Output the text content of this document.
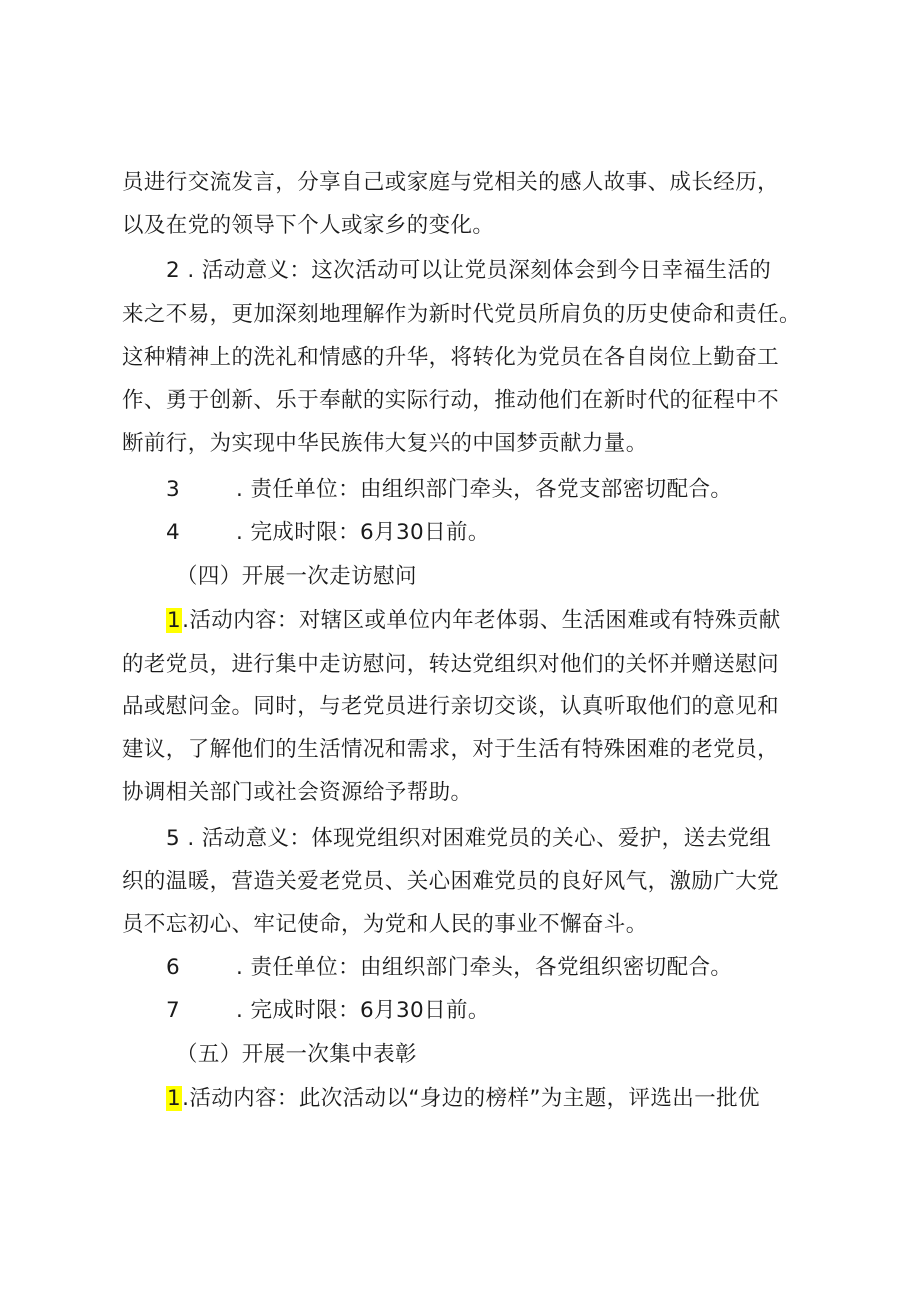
员进行交流发言，分享自己或家庭与党相关的感人故事、成长经历，
以及在党的领导下个人或家乡的变化。
2 . 活动意义：这次活动可以让党员深刻体会到今日幸福生活的
来之不易，更加深刻地理解作为新时代党员所肩负的历史使命和责任。
这种精神上的洗礼和情感的升华，将转化为党员在各自岗位上勤奋工
作、勇于创新、乐于奉献的实际行动，推动他们在新时代的征程中不
断前行，为实现中华民族伟大复兴的中国梦贡献力量。
3	. 责任单位：由组织部门牵头，各党支部密切配合。
4	. 完成时限：6月30日前。
（四）开展一次走访慰问
1.活动内容：对辖区或单位内年老体弱、生活困难或有特殊贡献
的老党员，进行集中走访慰问，转达党组织对他们的关怀并赠送慰问
品或慰问金。同时，与老党员进行亲切交谈，认真听取他们的意见和
建议，了解他们的生活情况和需求，对于生活有特殊困难的老党员，
协调相关部门或社会资源给予帮助。
5 . 活动意义：体现党组织对困难党员的关心、爱护，送去党组
织的温暖，营造关爱老党员、关心困难党员的良好风气，激励广大党
员不忘初心、牢记使命，为党和人民的事业不懈奋斗。
6	. 责任单位：由组织部门牵头，各党组织密切配合。
7	. 完成时限：6月30日前。
（五）开展一次集中表彰
1.活动内容：此次活动以“身边的榜样”为主题，评选出一批优
